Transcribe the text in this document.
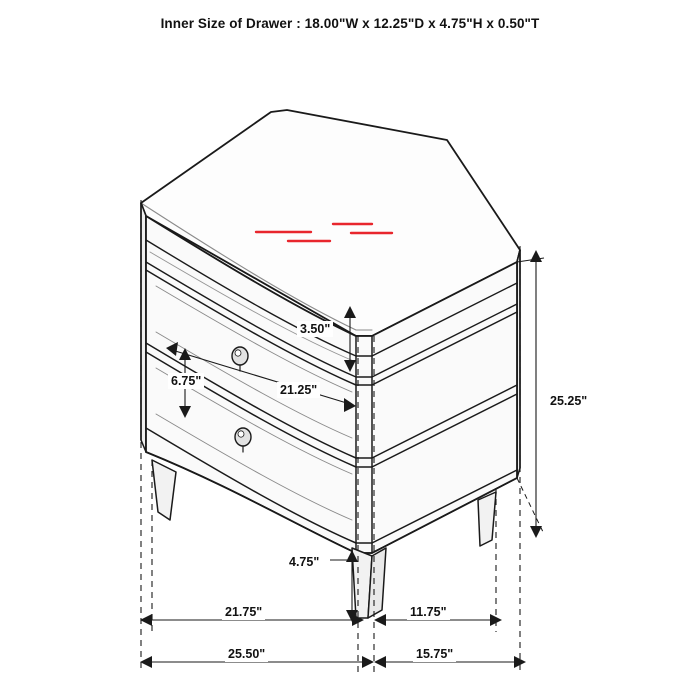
Inner Size of Drawer : 18.00"W x 12.25"D x 4.75"H x 0.50"T
3.50"
6.75"
21.25"
25.25"
4.75"
21.75"	11.75"
25.50"	15.75"
